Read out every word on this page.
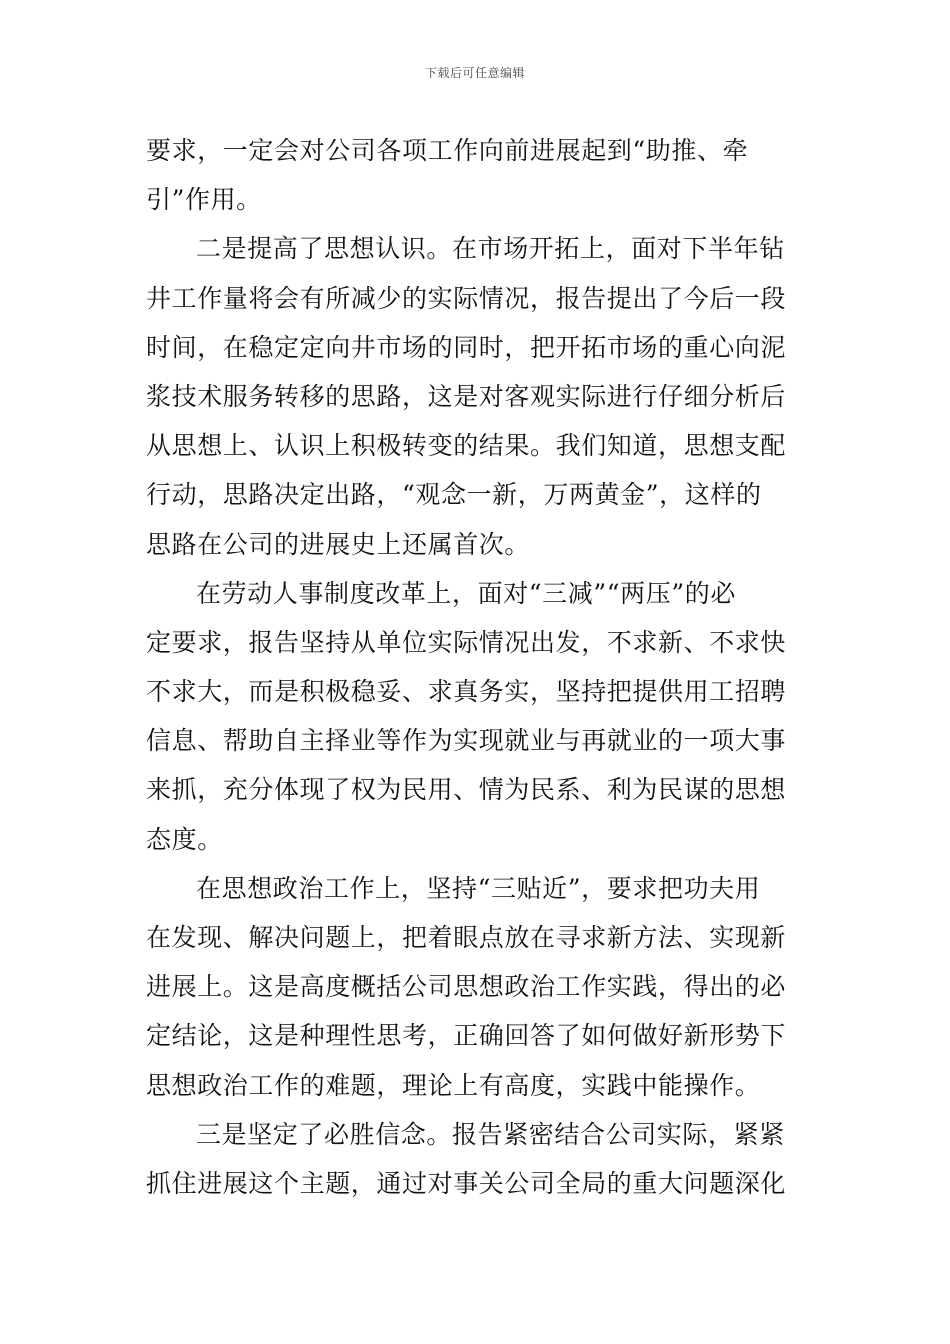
下载后可任意编辑
要求，一定会对公司各项工作向前进展起到“助推、牵
引”作用。
二是提高了思想认识。在市场开拓上，面对下半年钻
井工作量将会有所减少的实际情况，报告提出了今后一段
时间，在稳定定向井市场的同时，把开拓市场的重心向泥
浆技术服务转移的思路，这是对客观实际进行仔细分析后
从思想上、认识上积极转变的结果。我们知道，思想支配
行动，思路决定出路，“观念一新，万两黄金”，这样的
思路在公司的进展史上还属首次。
在劳动人事制度改革上，面对“三减”“两压”的必
定要求，报告坚持从单位实际情况出发，不求新、不求快
不求大，而是积极稳妥、求真务实，坚持把提供用工招聘
信息、帮助自主择业等作为实现就业与再就业的一项大事
来抓，充分体现了权为民用、情为民系、利为民谋的思想
态度。
在思想政治工作上，坚持“三贴近”，要求把功夫用
在发现、解决问题上，把着眼点放在寻求新方法、实现新
进展上。这是高度概括公司思想政治工作实践，得出的必
定结论，这是种理性思考，正确回答了如何做好新形势下
思想政治工作的难题，理论上有高度，实践中能操作。
三是坚定了必胜信念。报告紧密结合公司实际，紧紧
抓住进展这个主题，通过对事关公司全局的重大问题深化
